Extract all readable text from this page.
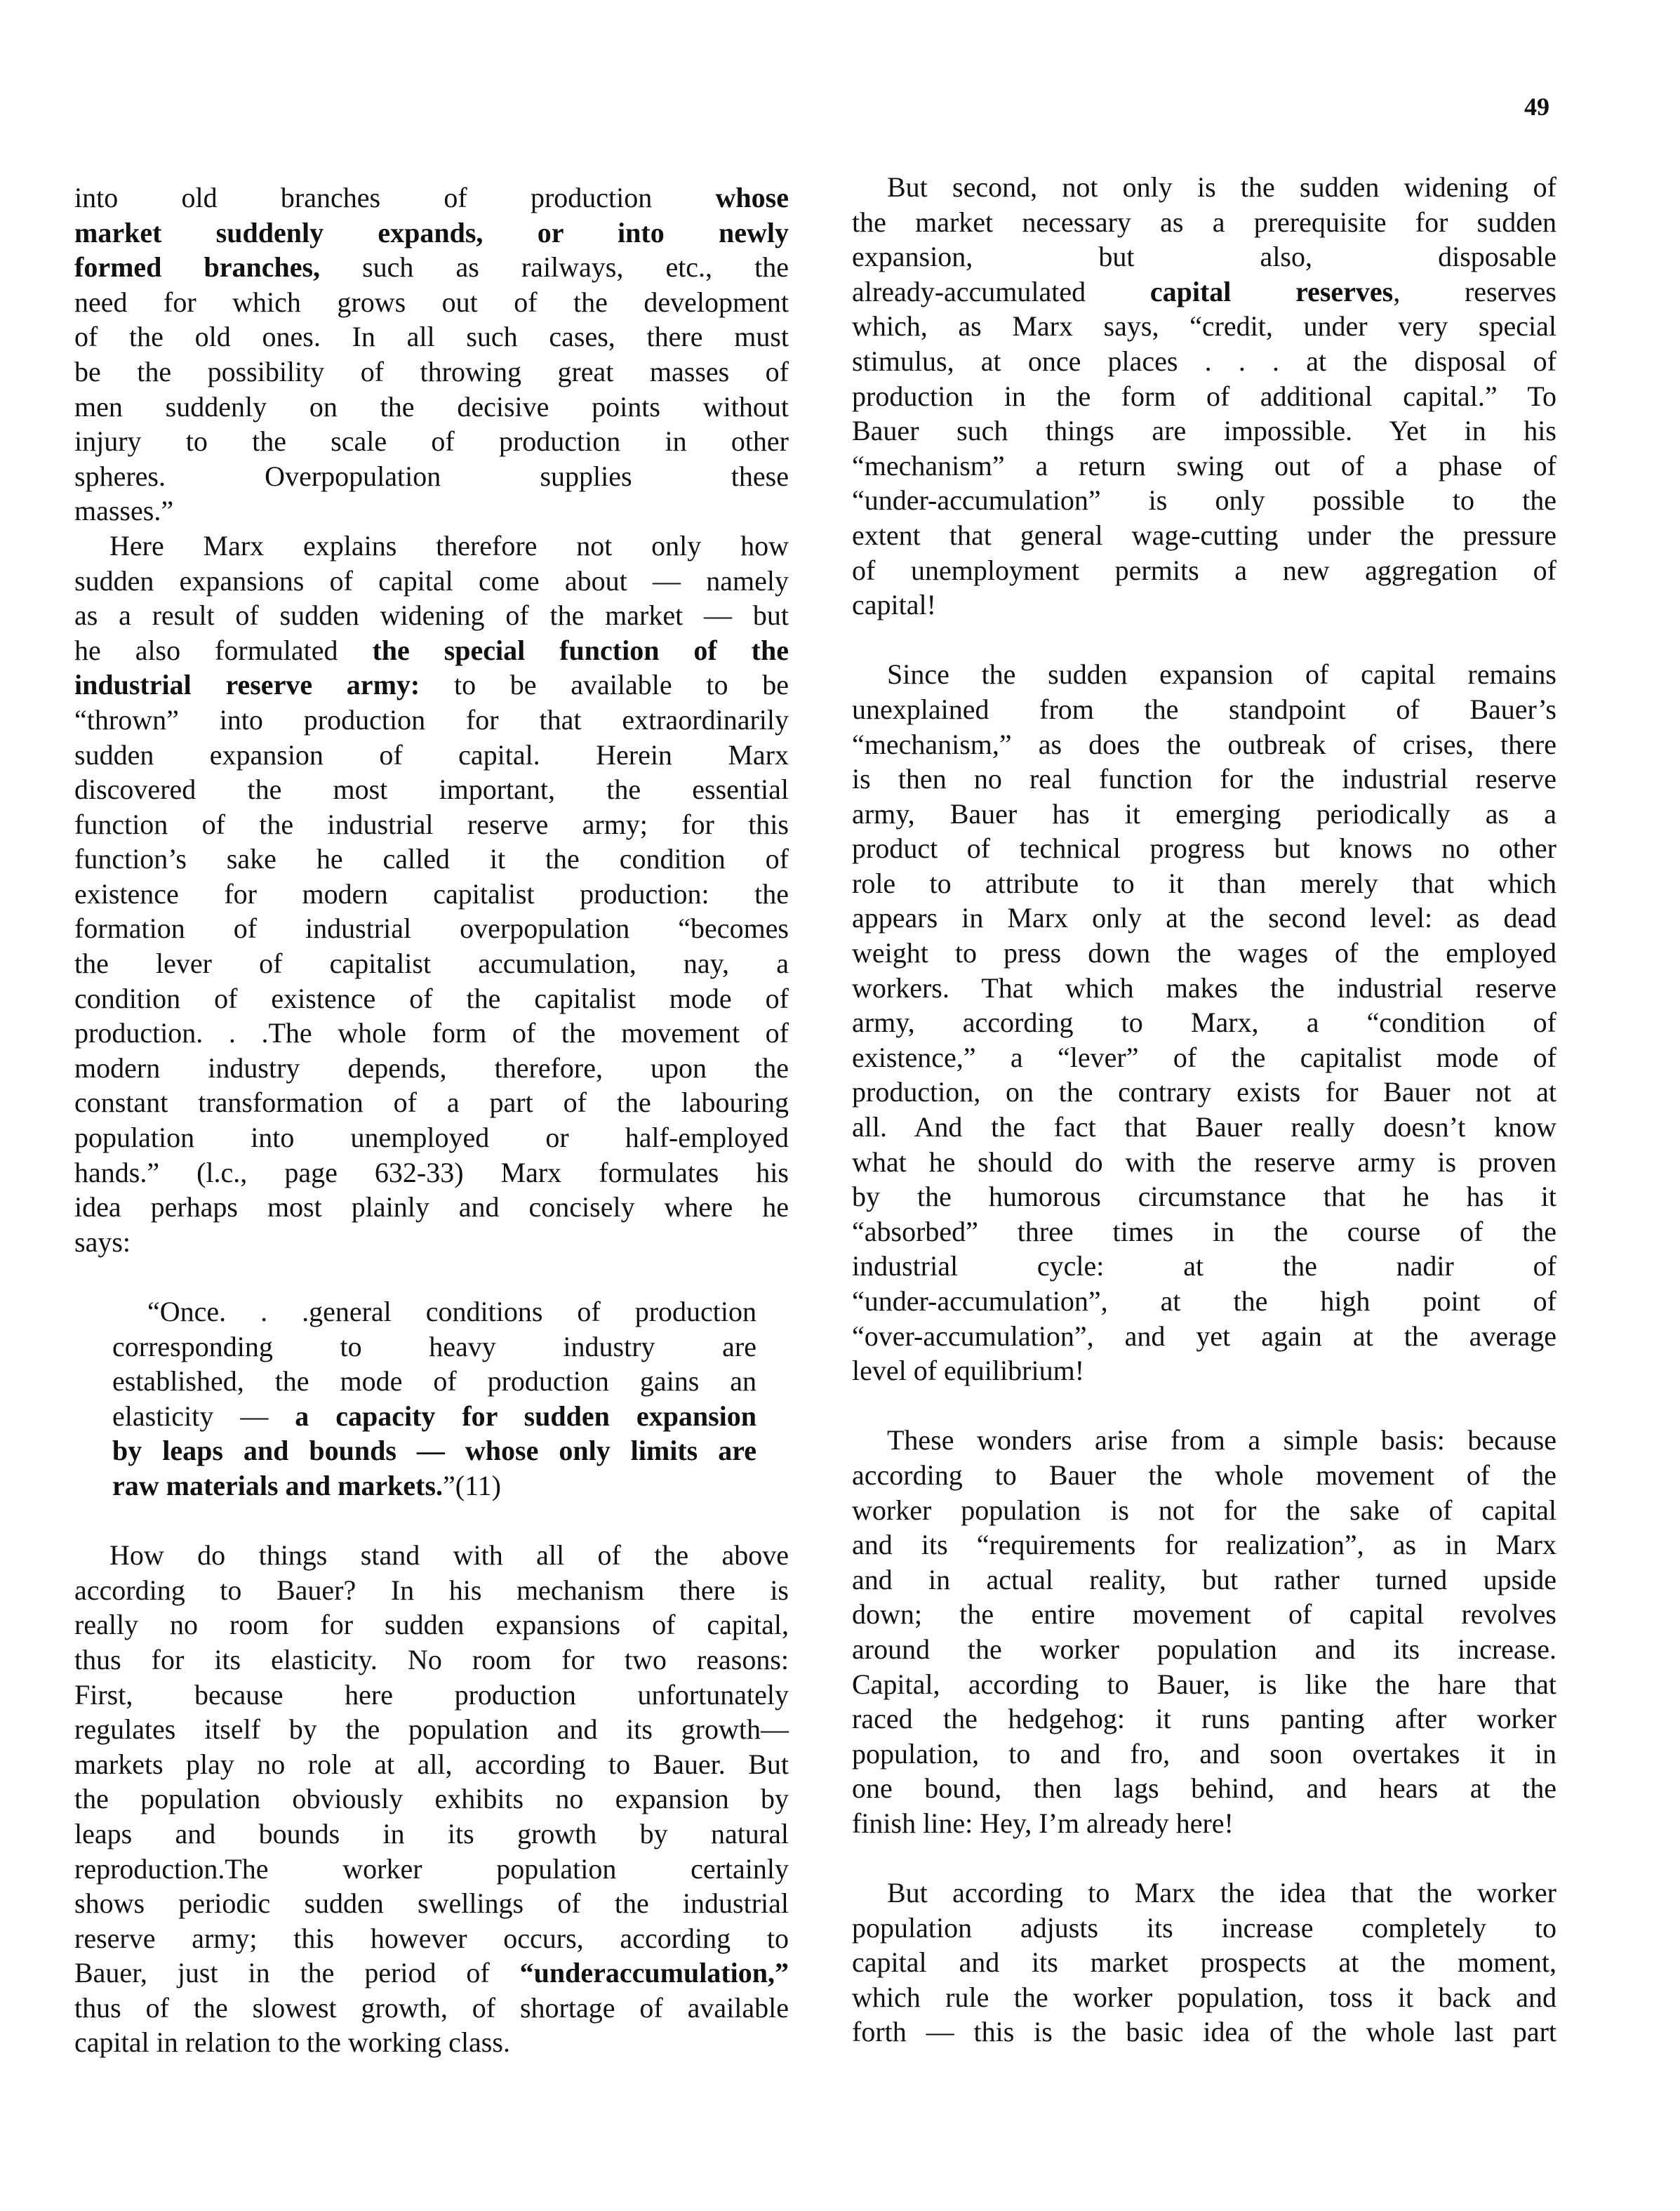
49
into old branches of production whose
market suddenly expands, or into newly
formed branches, such as railways, etc., the
need for which grows out of the development
of the old ones. In all such cases, there must
be the possibility of throwing great masses of
men suddenly on the decisive points without
injury to the scale of production in other
spheres. Overpopulation supplies these
masses.”
Here Marx explains therefore not only how
sudden expansions of capital come about — namely
as a result of sudden widening of the market — but
he also formulated the special function of the
industrial reserve army: to be available to be
“thrown” into production for that extraordinarily
sudden expansion of capital. Herein Marx
discovered the most important, the essential
function of the industrial reserve army; for this
function’s sake he called it the condition of
existence for modern capitalist production: the
formation of industrial overpopulation “becomes
the lever of capitalist accumulation, nay, a
condition of existence of the capitalist mode of
production. . .The whole form of the movement of
modern industry depends, therefore, upon the
constant transformation of a part of the labouring
population into unemployed or half-employed
hands.” (l.c., page 632-33) Marx formulates his
idea perhaps most plainly and concisely where he
says:
“Once. . .general conditions of production
corresponding to heavy industry are
established, the mode of production gains an
elasticity — a capacity for sudden expansion
by leaps and bounds — whose only limits are
raw materials and markets.”(11)
How do things stand with all of the above
according to Bauer? In his mechanism there is
really no room for sudden expansions of capital,
thus for its elasticity. No room for two reasons:
First, because here production unfortunately
regulates itself by the population and its growth—
markets play no role at all, according to Bauer. But
the population obviously exhibits no expansion by
leaps and bounds in its growth by natural
reproduction.The worker population certainly
shows periodic sudden swellings of the industrial
reserve army; this however occurs, according to
Bauer, just in the period of “underaccumulation,”
thus of the slowest growth, of shortage of available
capital in relation to the working class.
But second, not only is the sudden widening of
the market necessary as a prerequisite for sudden
expansion, but also, disposable
already-accumulated capital reserves, reserves
which, as Marx says, “credit, under very special
stimulus, at once places . . . at the disposal of
production in the form of additional capital.” To
Bauer such things are impossible. Yet in his
“mechanism” a return swing out of a phase of
“under-accumulation” is only possible to the
extent that general wage-cutting under the pressure
of unemployment permits a new aggregation of
capital!
Since the sudden expansion of capital remains
unexplained from the standpoint of Bauer’s
“mechanism,” as does the outbreak of crises, there
is then no real function for the industrial reserve
army, Bauer has it emerging periodically as a
product of technical progress but knows no other
role to attribute to it than merely that which
appears in Marx only at the second level: as dead
weight to press down the wages of the employed
workers. That which makes the industrial reserve
army, according to Marx, a “condition of
existence,” a “lever” of the capitalist mode of
production, on the contrary exists for Bauer not at
all. And the fact that Bauer really doesn’t know
what he should do with the reserve army is proven
by the humorous circumstance that he has it
“absorbed” three times in the course of the
industrial cycle: at the nadir of
“under-accumulation”, at the high point of
“over-accumulation”, and yet again at the average
level of equilibrium!
These wonders arise from a simple basis: because
according to Bauer the whole movement of the
worker population is not for the sake of capital
and its “requirements for realization”, as in Marx
and in actual reality, but rather turned upside
down; the entire movement of capital revolves
around the worker population and its increase.
Capital, according to Bauer, is like the hare that
raced the hedgehog: it runs panting after worker
population, to and fro, and soon overtakes it in
one bound, then lags behind, and hears at the
finish line: Hey, I’m already here!
But according to Marx the idea that the worker
population adjusts its increase completely to
capital and its market prospects at the moment,
which rule the worker population, toss it back and
forth — this is the basic idea of the whole last part
